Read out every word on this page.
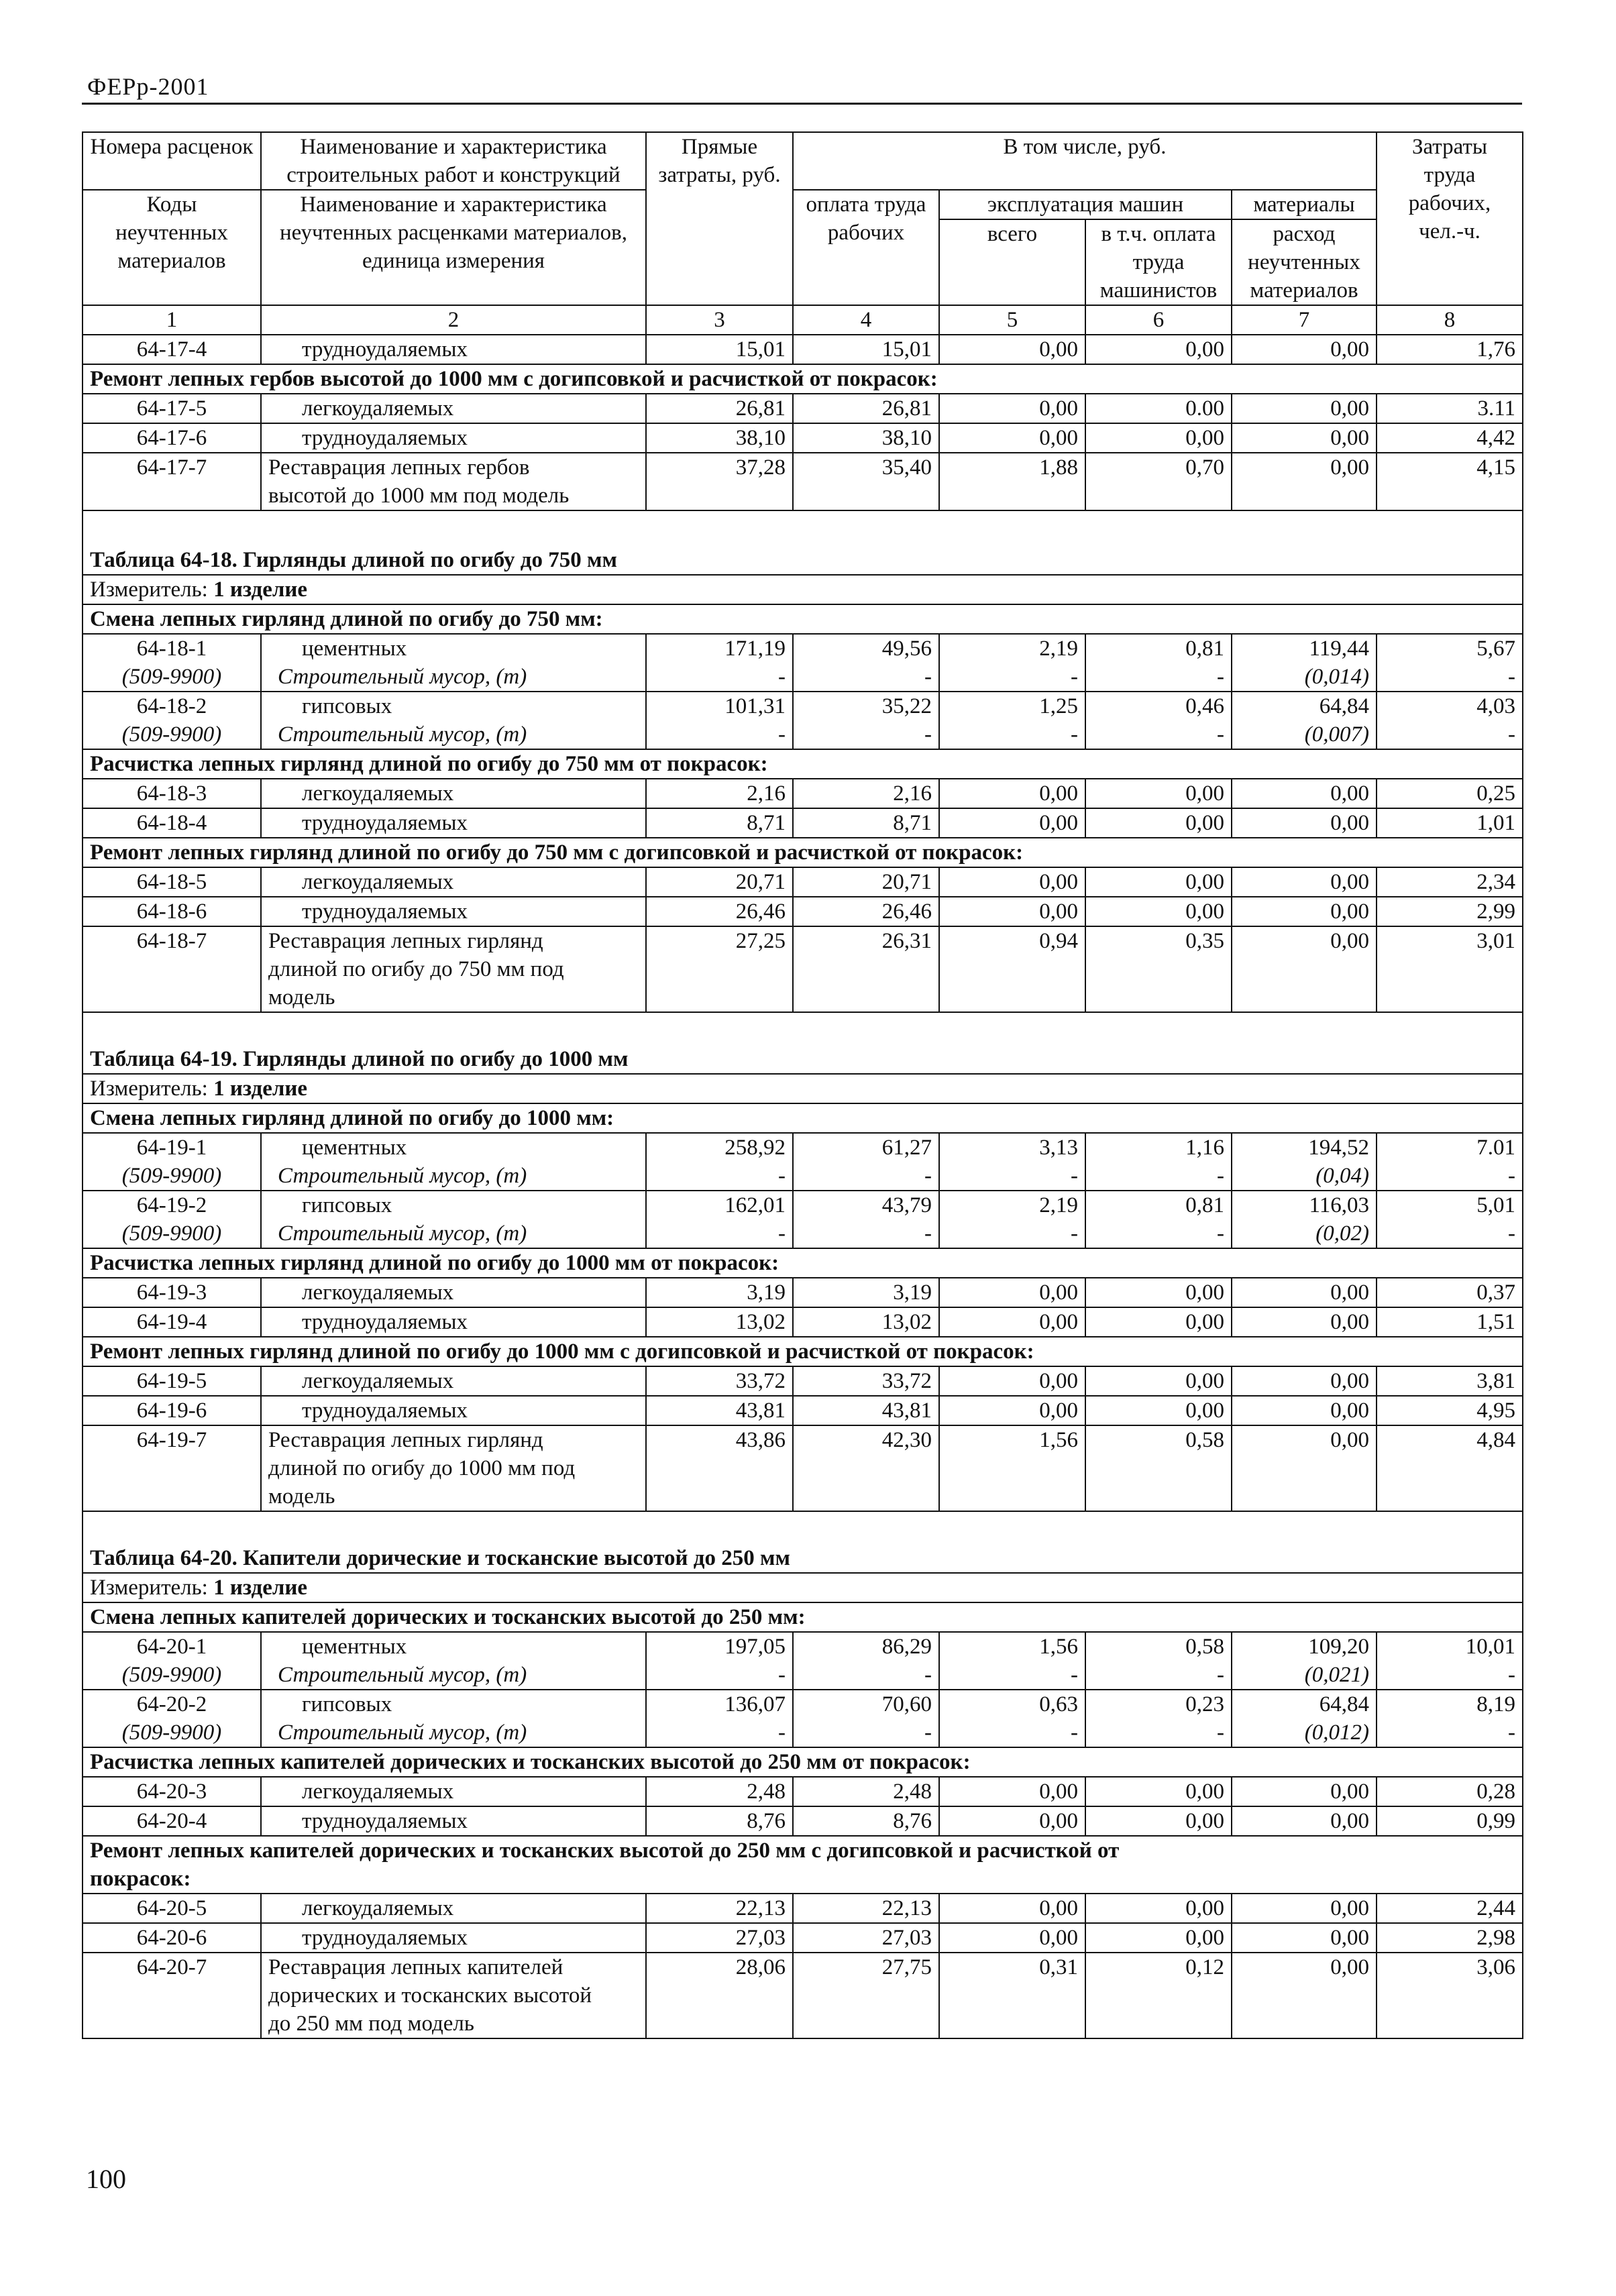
ФЕРр-2001
Номера расценок	Наименование и характеристика строительных работ и конструкций	Прямые затраты, руб.	В том числе, руб.				Затраты труда рабочих, чел.-ч.
Коды неучтенных материалов	Наименование и характеристика неучтенных расценками материалов, единица измерения		оплата труда рабочих	эксплуатация машин		материалы	
				всего	в т.ч. оплата труда машинистов	расход неучтенных материалов	

1	2	3	4	5	6	7	8
64-17-4	трудноудаляемых	15,01	15,01	0,00	0,00	0,00	1,76
Ремонт лепных гербов высотой до 1000 мм с догипсовкой и расчисткой от покрасок:							
64-17-5	легкоудаляемых	26,81	26,81	0,00	0.00	0,00	3.11
64-17-6	трудноудаляемых	38,10	38,10	0,00	0,00	0,00	4,42
64-17-7	Реставрация лепных гербов
высотой до 1000 мм под модель	37,28	35,40	1,88	0,70	0,00	4,15
Таблица 64-18. Гирлянды длиной по огибу до 750 мм							
Измеритель: 1 изделие							
Смена лепных гирлянд длиной по огибу до 750 мм:							
64-18-1	цементных	171,19	49,56	2,19	0,81	119,44	5,67
(509-9900)	Строительный мусор, (т)	-	-	-	-	(0,014)	-
64-18-2	гипсовых	101,31	35,22	1,25	0,46	64,84	4,03
(509-9900)	Строительный мусор, (т)	-	-	-	-	(0,007)	-
Расчистка лепных гирлянд длиной по огибу до 750 мм от покрасок:							
64-18-3	легкоудаляемых	2,16	2,16	0,00	0,00	0,00	0,25
64-18-4	трудноудаляемых	8,71	8,71	0,00	0,00	0,00	1,01
Ремонт лепных гирлянд длиной по огибу до 750 мм с догипсовкой и расчисткой от покрасок:							
64-18-5	легкоудаляемых	20,71	20,71	0,00	0,00	0,00	2,34
64-18-6	трудноудаляемых	26,46	26,46	0,00	0,00	0,00	2,99
64-18-7	Реставрация лепных гирлянд
длиной по огибу до 750 мм под
модель	27,25	26,31	0,94	0,35	0,00	3,01
Таблица 64-19. Гирлянды длиной по огибу до 1000 мм							
Измеритель: 1 изделие							
Смена лепных гирлянд длиной по огибу до 1000 мм:							
64-19-1	цементных	258,92	61,27	3,13	1,16	194,52	7.01
(509-9900)	Строительный мусор, (т)	-	-	-	-	(0,04)	-
64-19-2	гипсовых	162,01	43,79	2,19	0,81	116,03	5,01
(509-9900)	Строительный мусор, (т)	-	-	-	-	(0,02)	-
Расчистка лепных гирлянд длиной по огибу до 1000 мм от покрасок:							
64-19-3	легкоудаляемых	3,19	3,19	0,00	0,00	0,00	0,37
64-19-4	трудноудаляемых	13,02	13,02	0,00	0,00	0,00	1,51
Ремонт лепных гирлянд длиной по огибу до 1000 мм с догипсовкой и расчисткой от покрасок:							
64-19-5	легкоудаляемых	33,72	33,72	0,00	0,00	0,00	3,81
64-19-6	трудноудаляемых	43,81	43,81	0,00	0,00	0,00	4,95
64-19-7	Реставрация лепных гирлянд
длиной по огибу до 1000 мм под
модель	43,86	42,30	1,56	0,58	0,00	4,84
Таблица 64-20. Капители дорические и тосканские высотой до 250 мм							
Измеритель: 1 изделие							
Смена лепных капителей дорических и тосканских высотой до 250 мм:							
64-20-1	цементных	197,05	86,29	1,56	0,58	109,20	10,01
(509-9900)	Строительный мусор, (т)	-	-	-	-	(0,021)	-
64-20-2	гипсовых	136,07	70,60	0,63	0,23	64,84	8,19
(509-9900)	Строительный мусор, (т)	-	-	-	-	(0,012)	-
Расчистка лепных капителей дорических и тосканских высотой до 250 мм от покрасок:							
64-20-3	легкоудаляемых	2,48	2,48	0,00	0,00	0,00	0,28
64-20-4	трудноудаляемых	8,76	8,76	0,00	0,00	0,00	0,99

Ремонт лепных капителей дорических и тосканских высотой до 250 мм с догипсовкой и расчисткой от
покрасок:							

64-20-5	легкоудаляемых	22,13	22,13	0,00	0,00	0,00	2,44
64-20-6	трудноудаляемых	27,03	27,03	0,00	0,00	0,00	2,98
64-20-7	Реставрация лепных капителей
дорических и тосканских высотой
до 250 мм под модель	28,06	27,75	0,31	0,12	0,00	3,06
100
